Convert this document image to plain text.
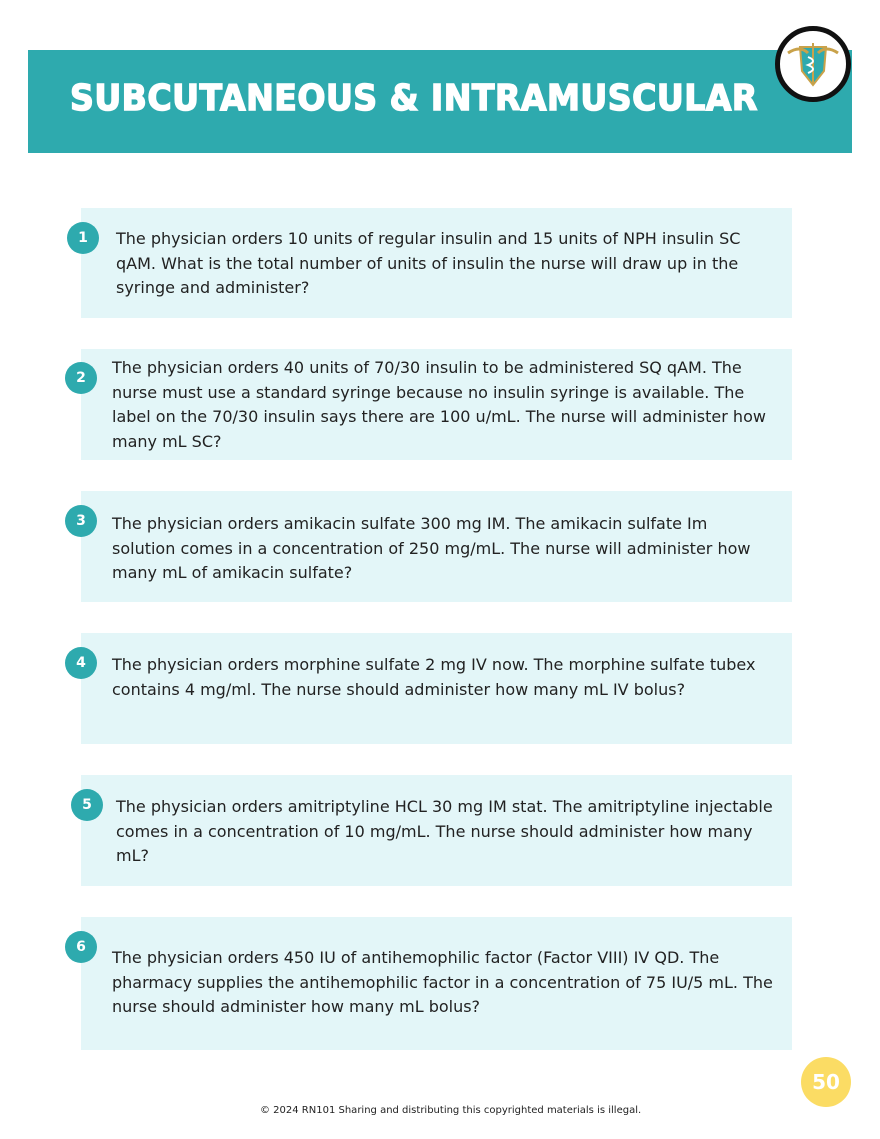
SUBCUTANEOUS & INTRAMUSCULAR
1	The physician orders 10 units of regular insulin and 15 units of NPH insulin SC qAM. What is the total number of units of insulin the nurse will draw up in the syringe and administer?
2
The physician orders 40 units of 70/30 insulin to be administered SQ qAM. The nurse must use a standard syringe because no insulin syringe is available. The label on the 70/30 insulin says there are 100 u/mL. The nurse will administer how many mL SC?
3	The physician orders amikacin sulfate 300 mg IM. The amikacin sulfate Im solution comes in a concentration of 250 mg/mL. The nurse will administer how many mL of amikacin sulfate?
4	The physician orders morphine sulfate 2 mg IV now. The morphine sulfate tubex contains 4 mg/ml. The nurse should administer how many mL IV bolus?
5	The physician orders amitriptyline HCL 30 mg IM stat. The amitriptyline injectable comes in a concentration of 10 mg/mL. The nurse should administer how many mL?
6
The physician orders 450 IU of antihemophilic factor (Factor VIII) IV QD. The pharmacy supplies the antihemophilic factor in a concentration of 75 IU/5 mL. The nurse should administer how many mL bolus?
50
© 2024 RN101 Sharing and distributing this copyrighted materials is illegal.
